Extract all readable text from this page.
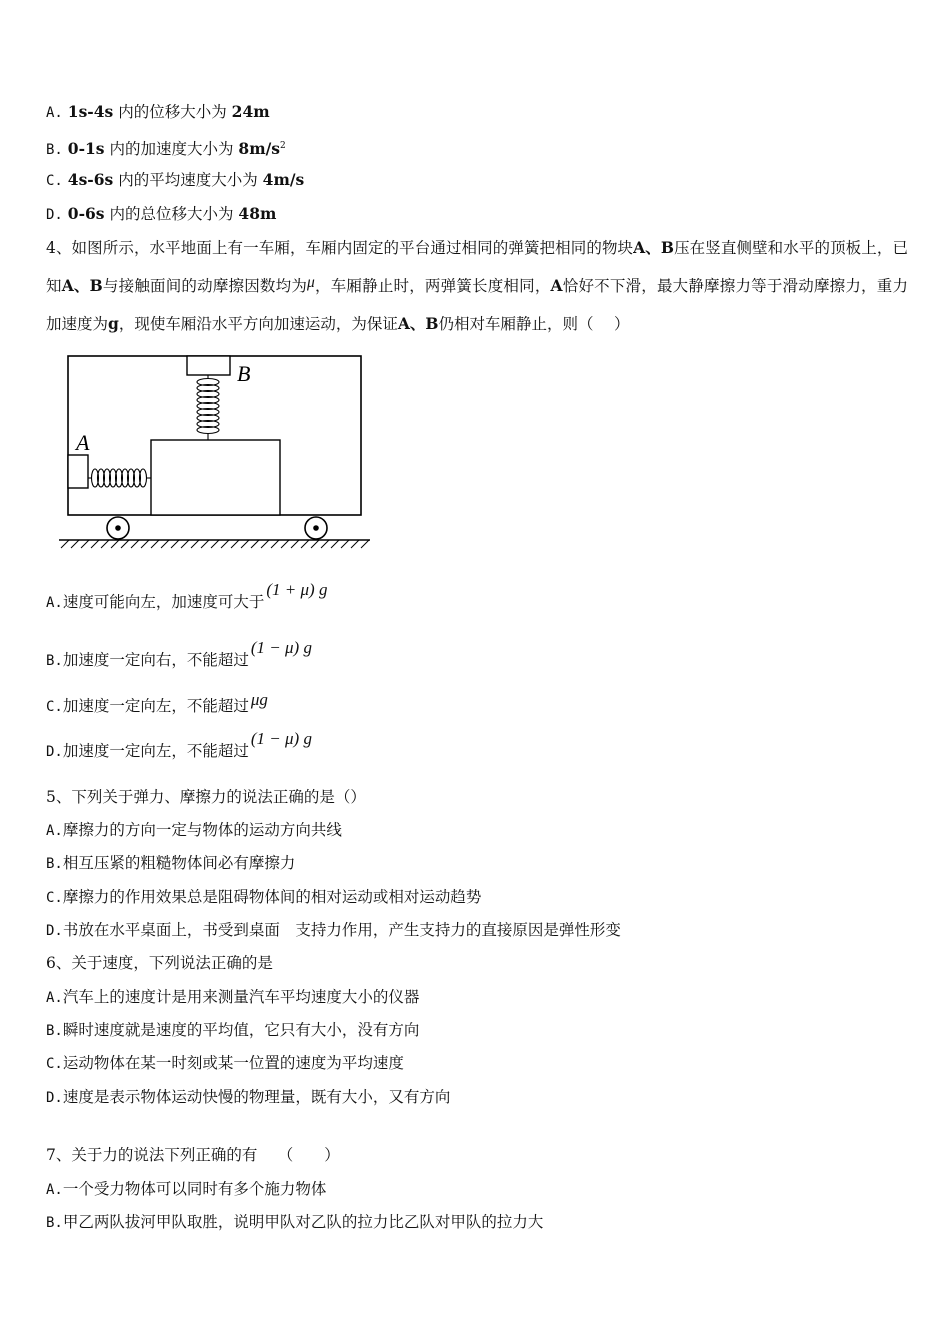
A. 1s-4s 内的位移大小为 24m
B. 0-1s 内的加速度大小为 $8m/s^2$
C. 4s-6s 内的平均速度大小为 4m/s
D. 0-6s 内的总位移大小为 48m
4、如图所示，水平地面上有一车厢，车厢内固定的平台通过相同的弹簧把相同的物块A、B压在竖直侧壁和水平的顶板上，已知A、B与接触面间的动摩擦因数均为μ，车厢静止时，两弹簧长度相同，A恰好不下滑，最大静摩擦力等于滑动摩擦力，重力加速度为g，现使车厢沿水平方向加速运动，为保证A、B仍相对车厢静止，则（　 ）
B
A
A.速度可能向左，加速度可大于(1 + μ) g
B.加速度一定向右，不能超过(1 − μ) g
C.加速度一定向左，不能超过 μg
D.加速度一定向左，不能超过(1 − μ) g
5、下列关于弹力、摩擦力的说法正确的是（）
A.摩擦力的方向一定与物体的运动方向共线
B.相互压紧的粗糙物体间必有摩擦力
C.摩擦力的作用效果总是阻碍物体间的相对运动或相对运动趋势
D.书放在水平桌面上，书受到桌面　支持力作用，产生支持力的直接原因是弹性形变
6、关于速度，下列说法正确的是
A.汽车上的速度计是用来测量汽车平均速度大小的仪器
B.瞬时速度就是速度的平均值，它只有大小，没有方向
C.运动物体在某一时刻或某一位置的速度为平均速度
D.速度是表示物体运动快慢的物理量，既有大小，又有方向
7、关于力的说法下列正确的有　 （　　）
A.一个受力物体可以同时有多个施力物体
B.甲乙两队拔河甲队取胜，说明甲队对乙队的拉力比乙队对甲队的拉力大
